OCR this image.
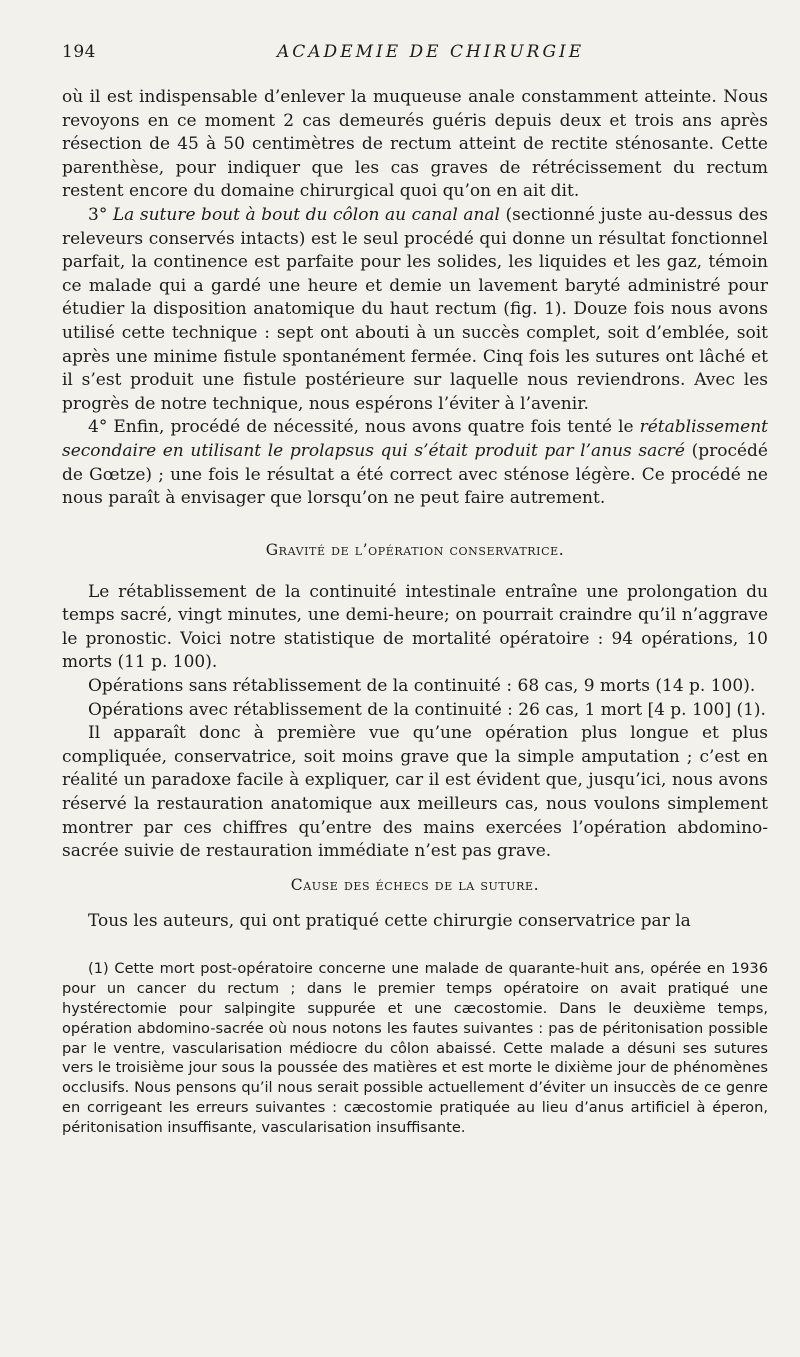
194	ACADEMIE DE CHIRURGIE

où il est indispensable d’enlever la muqueuse anale constamment atteinte. Nous revoyons en ce moment 2 cas demeurés guéris depuis deux et trois ans après résection de 45 à 50 centimètres de rectum atteint de rectite sténosante. Cette parenthèse, pour indiquer que les cas graves de rétrécissement du rectum restent encore du domaine chirurgical quoi qu’on en ait dit.

3° La suture bout à bout du côlon au canal anal (sectionné juste au-dessus des releveurs conservés intacts) est le seul procédé qui donne un résultat fonctionnel parfait, la continence est parfaite pour les solides, les liquides et les gaz, témoin ce malade qui a gardé une heure et demie un lavement baryté administré pour étudier la disposition anatomique du haut rectum (fig. 1). Douze fois nous avons utilisé cette technique : sept ont abouti à un succès complet, soit d’emblée, soit après une minime fistule spontanément fermée. Cinq fois les sutures ont lâché et il s’est produit une fistule postérieure sur laquelle nous reviendrons. Avec les progrès de notre technique, nous espérons l’éviter à l’avenir.

4° Enfin, procédé de nécessité, nous avons quatre fois tenté le rétablissement secondaire en utilisant le prolapsus qui s’était produit par l’anus sacré (procédé de Gœtze) ; une fois le résultat a été correct avec sténose légère. Ce procédé ne nous paraît à envisager que lorsqu’on ne peut faire autrement.

Gravité de l’opération conservatrice.

Le rétablissement de la continuité intestinale entraîne une prolongation du temps sacré, vingt minutes, une demi-heure; on pourrait craindre qu’il n’aggrave le pronostic. Voici notre statistique de mortalité opératoire : 94 opérations, 10 morts (11 p. 100).

Opérations sans rétablissement de la continuité : 68 cas, 9 morts (14 p. 100).

Opérations avec rétablissement de la continuité : 26 cas, 1 mort [4 p. 100] (1).

Il apparaît donc à première vue qu’une opération plus longue et plus compliquée, conservatrice, soit moins grave que la simple amputation ; c’est en réalité un paradoxe facile à expliquer, car il est évident que, jusqu’ici, nous avons réservé la restauration anatomique aux meilleurs cas, nous voulons simplement montrer par ces chiffres qu’entre des mains exercées l’opération abdomino-sacrée suivie de restauration immédiate n’est pas grave.

Cause des échecs de la suture.

Tous les auteurs, qui ont pratiqué cette chirurgie conservatrice par la

(1) Cette mort post-opératoire concerne une malade de quarante-huit ans, opérée en 1936 pour un cancer du rectum ; dans le premier temps opératoire on avait pratiqué une hystérectomie pour salpingite suppurée et une cæcostomie. Dans le deuxième temps, opération abdomino-sacrée où nous notons les fautes suivantes : pas de péritonisation possible par le ventre, vascularisation médiocre du côlon abaissé. Cette malade a désuni ses sutures vers le troisième jour sous la poussée des matières et est morte le dixième jour de phénomènes occlusifs. Nous pensons qu’il nous serait possible actuellement d’éviter un insuccès de ce genre en corrigeant les erreurs suivantes : cæcostomie pratiquée au lieu d’anus artificiel à éperon, péritonisation insuffisante, vascularisation insuffisante.
